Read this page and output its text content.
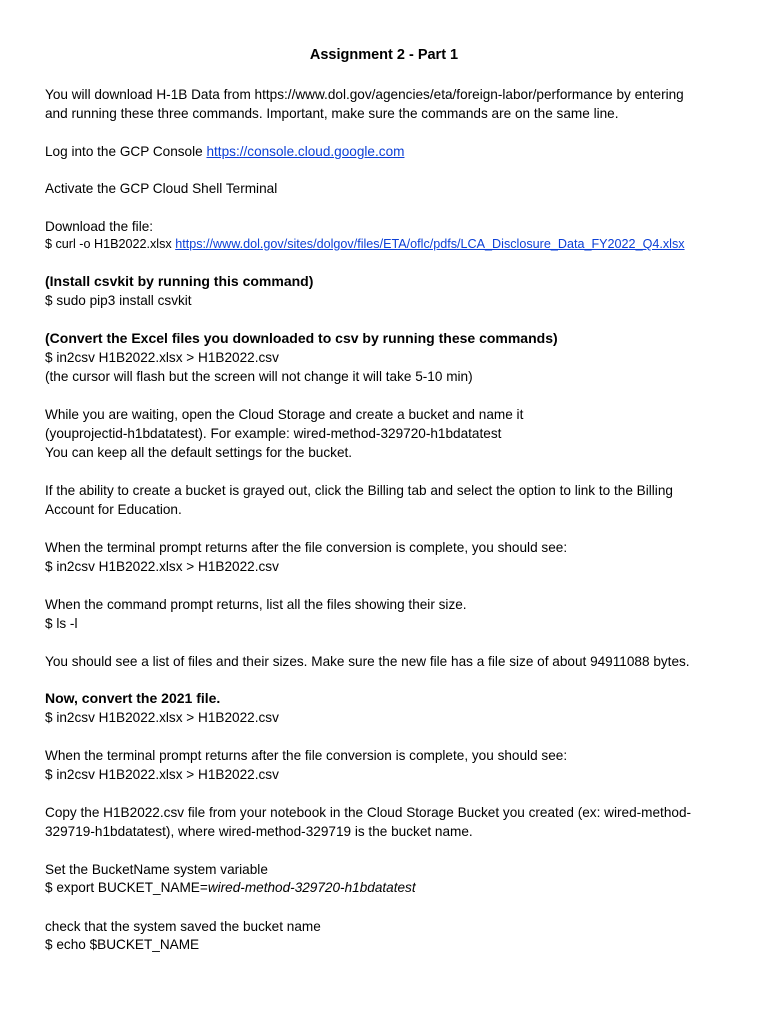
Assignment 2 - Part 1

You will download H-1B Data from https://www.dol.gov/agencies/eta/foreign-labor/performance by entering

and running these three commands. Important, make sure the commands are on the same line.

Log into the GCP Console https://console.cloud.google.com

Activate the GCP Cloud Shell Terminal

Download the file:

$ curl -o H1B2022.xlsx https://www.dol.gov/sites/dolgov/files/ETA/oflc/pdfs/LCA_Disclosure_Data_FY2022_Q4.xlsx

(Install csvkit by running this command)

$ sudo pip3 install csvkit

(Convert the Excel files you downloaded to csv by running these commands)

$ in2csv H1B2022.xlsx > H1B2022.csv

(the cursor will flash but the screen will not change it will take 5-10 min)

While you are waiting, open the Cloud Storage and create a bucket and name it

(youprojectid-h1bdatatest). For example: wired-method-329720-h1bdatatest

You can keep all the default settings for the bucket.

If the ability to create a bucket is grayed out, click the Billing tab and select the option to link to the Billing

Account for Education.

When the terminal prompt returns after the file conversion is complete, you should see:

$ in2csv H1B2022.xlsx > H1B2022.csv

When the command prompt returns, list all the files showing their size.

$ ls -l

You should see a list of files and their sizes. Make sure the new file has a file size of about 94911088 bytes.

Now, convert the 2021 file.

$ in2csv H1B2022.xlsx > H1B2022.csv

When the terminal prompt returns after the file conversion is complete, you should see:

$ in2csv H1B2022.xlsx > H1B2022.csv

Copy the H1B2022.csv file from your notebook in the Cloud Storage Bucket you created (ex: wired-method-

329719-h1bdatatest), where wired-method-329719 is the bucket name.

Set the BucketName system variable

$ export BUCKET_NAME=wired-method-329720-h1bdatatest

check that the system saved the bucket name

$ echo $BUCKET_NAME
